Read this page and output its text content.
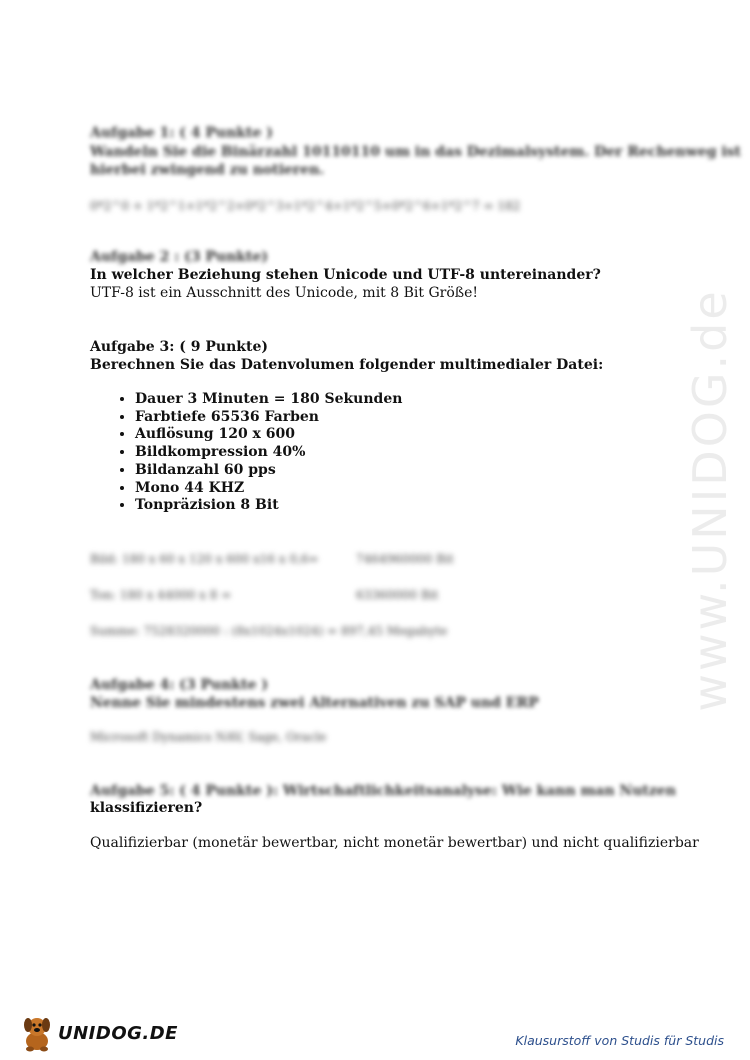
www.UNIDOG.de
Aufgabe 1: ( 4 Punkte )
Wandeln Sie die Binärzahl 10110110 um in das Dezimalsystem. Der Rechenweg ist
hierbei zwingend zu notieren.
0*2^0 + 1*2^1+1*2^2+0*2^3+1*2^4+1*2^5+0*2^6+1*2^7 = 182
Aufgabe 2 : (3 Punkte)
In welcher Beziehung stehen Unicode und UTF-8 untereinander?
UTF-8 ist ein Ausschnitt des Unicode, mit 8 Bit Größe!
Aufgabe 3: ( 9 Punkte)
Berechnen Sie das Datenvolumen folgender multimedialer Datei:
• Dauer 3 Minuten = 180 Sekunden
• Farbtiefe 65536 Farben
• Auflösung 120 x 600
• Bildkompression 40%
• Bildanzahl 60 pps
• Mono 44 KHZ
• Tonpräzision 8 Bit
Bild: 180 x 60 x 120 x 600 x16 x 0,6=	7464960000 Bit
Ton: 180 x 44000 x 8 =	63360000 Bit
Summe: 7528320000 : (8x1024x1024) = 897,45 Megabyte
Aufgabe 4: (3 Punkte )
Nenne Sie mindestens zwei Alternativen zu SAP und ERP
Microsoft Dynamics NAV, Sage, Oracle
Aufgabe 5: ( 4 Punkte ): Wirtschaftlichkeitsanalyse: Wie kann man Nutzen
klassifizieren?
Qualifizierbar (monetär bewertbar, nicht monetär bewertbar) und nicht qualifizierbar
UNIDOG.DE	Klausurstoff von Studis für Studis
